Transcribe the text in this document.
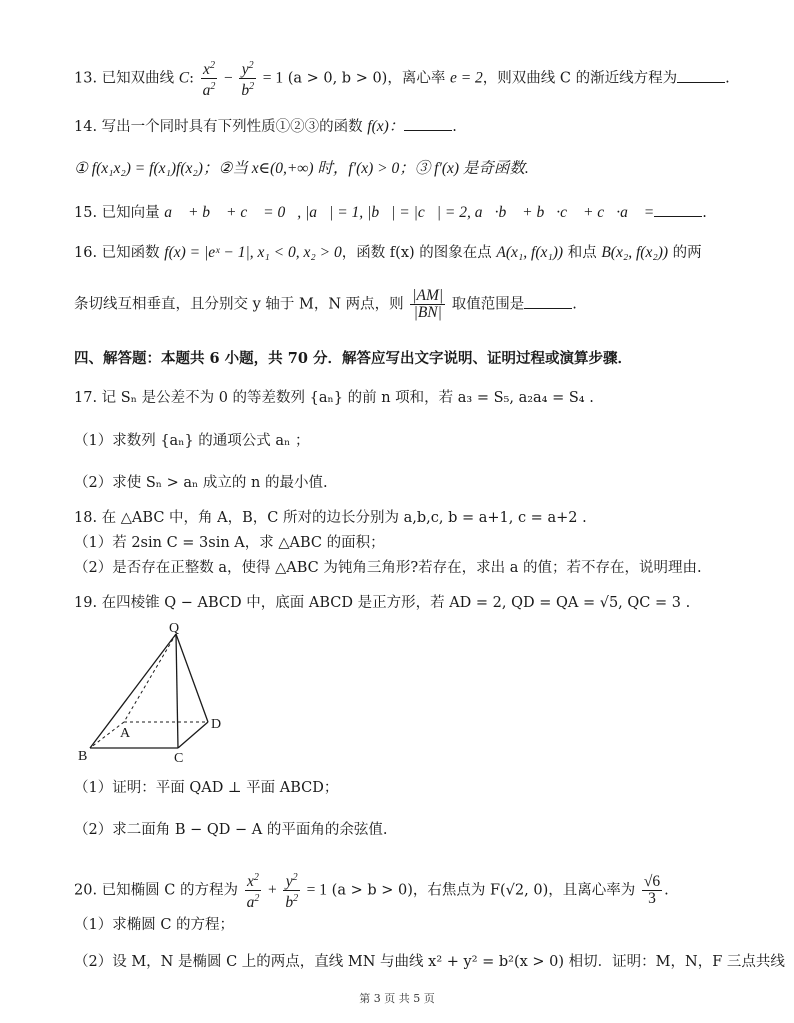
13. 已知双曲线 C: $\frac{x^2}{a^2} - \frac{y^2}{b^2} = 1$ (a > 0, b > 0)，离心率 e = 2，则双曲线 C 的渐近线方程为	.
14. 写出一个同时具有下列性质①②③的函数 f(x)：	.
① f(x₁x₂) = f(x₁)f(x₂)；②当 x∈(0,+∞) 时，f′(x) > 0；③ f′(x) 是奇函数.
15. 已知向量 a⃗ + b⃗ + c⃗ = 0⃗, |a⃗| = 1, |b⃗| = |c⃗| = 2, a⃗·b⃗ + b⃗·c⃗ + c⃗·a⃗ =	.
16. 已知函数 f(x) = |eˣ − 1|, x₁ < 0, x₂ > 0，函数 f(x) 的图象在点 A(x₁, f(x₁)) 和点 B(x₂, f(x₂)) 的两
条切线互相垂直，且分别交 y 轴于 M，N 两点，则 $\frac{|AM|}{|BN|}$ 取值范围是	.
四、解答题：本题共 6 小题，共 70 分．解答应写出文字说明、证明过程或演算步骤．
17. 记 Sₙ 是公差不为 0 的等差数列 {aₙ} 的前 n 项和，若 a₃ = S₅, a₂a₄ = S₄ .
（1）求数列 {aₙ} 的通项公式 aₙ ；
（2）求使 Sₙ > aₙ 成立的 n 的最小值.
18. 在 △ABC 中，角 A，B，C 所对的边长分别为 a,b,c, b = a+1, c = a+2 .
（1）若 2sin C = 3sin A，求 △ABC 的面积；
（2）是否存在正整数 a，使得 △ABC 为钝角三角形?若存在，求出 a 的值；若不存在，说明理由.
19. 在四棱锥 Q − ABCD 中，底面 ABCD 是正方形，若 AD = 2, QD = QA = √5, QC = 3 .
Q
A
B	C
D
（1）证明：平面 QAD ⊥ 平面 ABCD；
（2）求二面角 B − QD − A 的平面角的余弦值.
20. 已知椭圆 C 的方程为 $\frac{x^2}{a^2} + \frac{y^2}{b^2} = 1$ (a > b > 0)，右焦点为 F(√2, 0)，且离心率为 $\frac{√6}{3}$ .
（1）求椭圆 C 的方程；
（2）设 M，N 是椭圆 C 上的两点，直线 MN 与曲线 x² + y² = b²(x > 0) 相切．证明：M，N，F 三点共线
第 3 页 共 5 页
